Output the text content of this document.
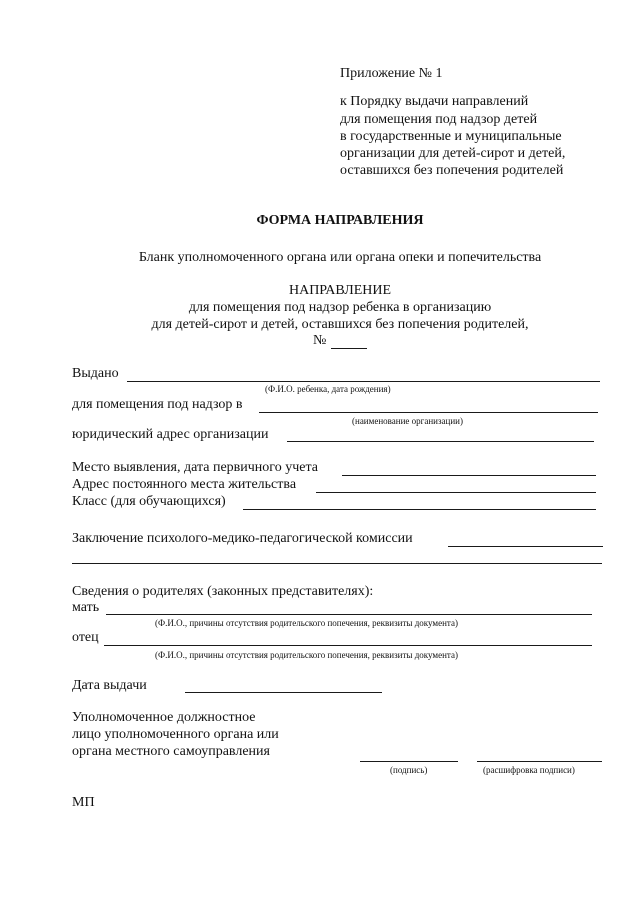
Приложение № 1
к Порядку выдачи направлений
для помещения под надзор детей
в государственные и муниципальные
организации для детей-сирот и детей,
оставшихся без попечения родителей
ФОРМА НАПРАВЛЕНИЯ
Бланк уполномоченного органа или органа опеки и попечительства
НАПРАВЛЕНИЕ
для помещения под надзор ребенка в организацию
для детей-сирот и детей, оставшихся без попечения родителей,
№
Выдано
(Ф.И.О. ребенка, дата рождения)
для помещения под надзор в
(наименование организации)
юридический адрес организации
Место выявления, дата первичного учета
Адрес постоянного места жительства
Класс (для обучающихся)
Заключение психолого-медико-педагогической комиссии
Сведения о родителях (законных представителях):
мать
(Ф.И.О., причины отсутствия родительского попечения, реквизиты документа)
отец
(Ф.И.О., причины отсутствия родительского попечения, реквизиты документа)
Дата выдачи
Уполномоченное должностное
лицо уполномоченного органа или
органа местного самоуправления
(подпись)	(расшифровка подписи)
МП
